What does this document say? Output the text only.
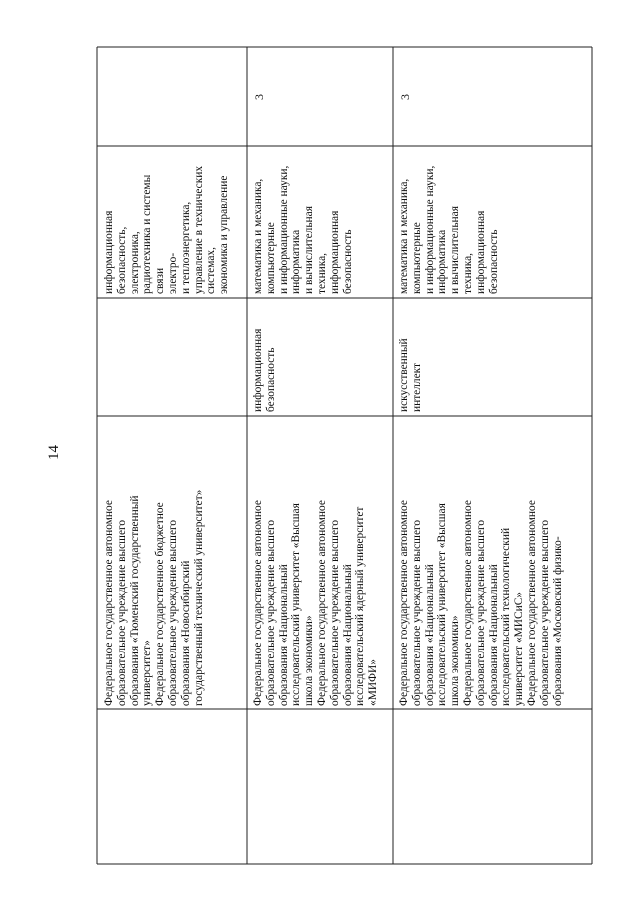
14
Федеральное государственное автономное образовательное учреждение высшего образования «Тюменский государственный университет» Федеральное государственное бюджетное образовательное учреждение высшего образования «Новосибирский государственный технический университет»
информационная безопасность, электроника, радиотехника и системы связи электро- и теплоэнергетика, управление в технических системах, экономика и управление
Федеральное государственное автономное образовательное учреждение высшего образования «Национальный исследовательский университет «Высшая школа экономики» Федеральное государственное автономное образовательное учреждение высшего образования «Национальный исследовательский ядерный университет «МИФИ»
информационная безопасность
математика и механика, компьютерные и информационные науки, информатика и вычислительная техника, информационная безопасность
3
Федеральное государственное автономное образовательное учреждение высшего образования «Национальный исследовательский университет «Высшая школа экономики» Федеральное государственное автономное образовательное учреждение высшего образования «Национальный исследовательский технологический университет «МИСиС» Федеральное государственное автономное образовательное учреждение высшего образования «Московский физико-
искусственный интеллект
математика и механика, компьютерные и информационные науки, информатика и вычислительная техника, информационная безопасность
3
